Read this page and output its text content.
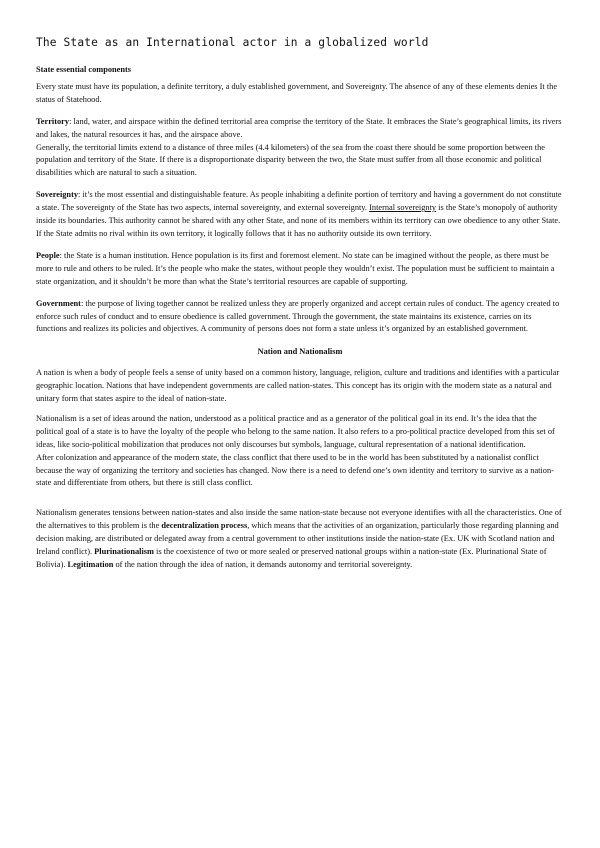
The State as an International actor in a globalized world

State essential components

Every state must have its population, a definite territory, a duly established government, and Sovereignty. The absence of any of these elements denies It the status of Statehood.

Territory: land, water, and airspace within the defined territorial area comprise the territory of the State. It embraces the State’s geographical limits, its rivers and lakes, the natural resources it has, and the airspace above.

Generally, the territorial limits extend to a distance of three miles (4.4 kilometers) of the sea from the coast there should be some proportion between the population and territory of the State. If there is a disproportionate disparity between the two, the State must suffer from all those economic and political disabilities which are natural to such a situation.

Sovereignty: it’s the most essential and distinguishable feature. As people inhabiting a definite portion of territory and having a government do not constitute a state. The sovereignty of the State has two aspects, internal sovereignty, and external sovereignty. Internal sovereignty is the State’s monopoly of authority inside its boundaries. This authority cannot be shared with any other State, and none of its members within its territory can owe obedience to any other State. If the State admits no rival within its own territory, it logically follows that it has no authority outside its own territory.

People: the State is a human institution. Hence population is its first and foremost element. No state can be imagined without the people, as there must be more to rule and others to be ruled. It’s the people who make the states, without people they wouldn’t exist. The population must be sufficient to maintain a state organization, and it shouldn’t be more than what the State’s territorial resources are capable of supporting.

Government: the purpose of living together cannot be realized unless they are properly organized and accept certain rules of conduct. The agency created to enforce such rules of conduct and to ensure obedience is called government. Through the government, the state maintains its existence, carries on its functions and realizes its policies and objectives. A community of persons does not form a state unless it’s organized by an established government.

Nation and Nationalism

A nation is when a body of people feels a sense of unity based on a common history, language, religion, culture and traditions and identifies with a particular geographic location. Nations that have independent governments are called nation-states. This concept has its origin with the modern state as a natural and unitary form that states aspire to the ideal of nation-state.

Nationalism is a set of ideas around the nation, understood as a political practice and as a generator of the political goal in its end. It’s the idea that the political goal of a state is to have the loyalty of the people who belong to the same nation. It also refers to a pro-political practice developed from this set of ideas, like socio-political mobilization that produces not only discourses but symbols, language, cultural representation of a national identification.

After colonization and appearance of the modern state, the class conflict that there used to be in the world has been substituted by a nationalist conflict because the way of organizing the territory and societies has changed. Now there is a need to defend one’s own identity and territory to survive as a nation-state and differentiate from others, but there is still class conflict.

Nationalism generates tensions between nation-states and also inside the same nation-state because not everyone identifies with all the characteristics. One of the alternatives to this problem is the decentralization process, which means that the activities of an organization, particularly those regarding planning and decision making, are distributed or delegated away from a central government to other institutions inside the nation-state (Ex. UK with Scotland nation and Ireland conflict). Plurinationalism is the coexistence of two or more sealed or preserved national groups within a nation-state (Ex. Plurinational State of Bolivia). Legitimation of the nation through the idea of nation, it demands autonomy and territorial sovereignty.
